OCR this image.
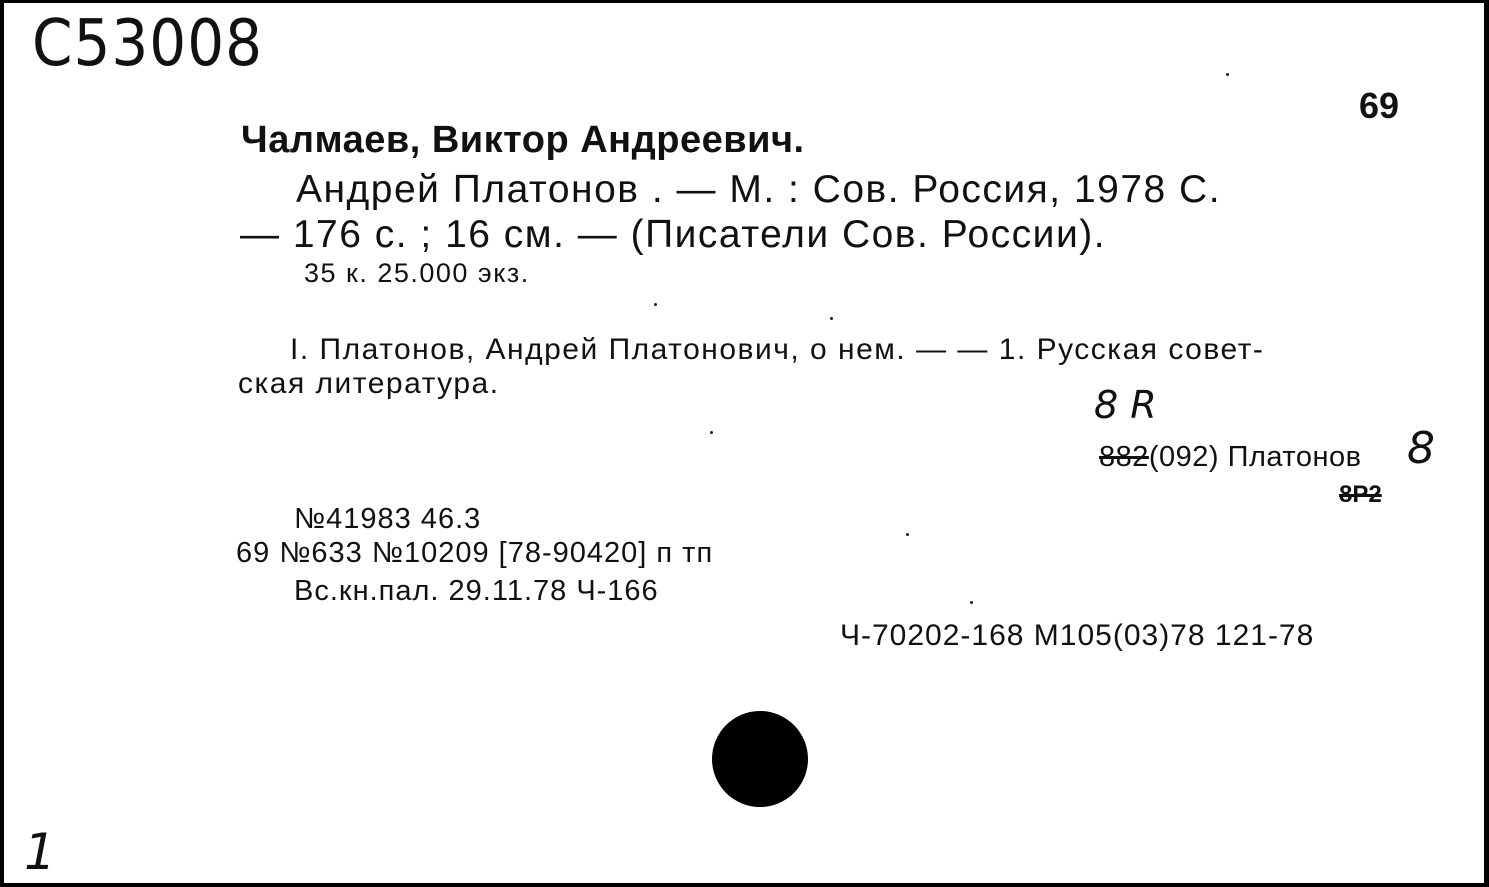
С53008
69
Чалмаев, Виктор Андреевич.
Андрей Платонов . — М. : Сов. Россия, 1978 С.
— 176 с. ; 16 см. — (Писатели Сов. России).
35 к. 25.000 экз.
I. Платонов, Андрей Платонович, о нем. — — 1. Русская совет-
ская литература.	8 R
882(092) Платонов 8
8Р2
№41983 46.3
69 №633 №10209 [78-90420] п тп
Вс.кн.пал. 29.11.78 Ч-166
Ч-70202-168 М105(03)78 121-78
1
